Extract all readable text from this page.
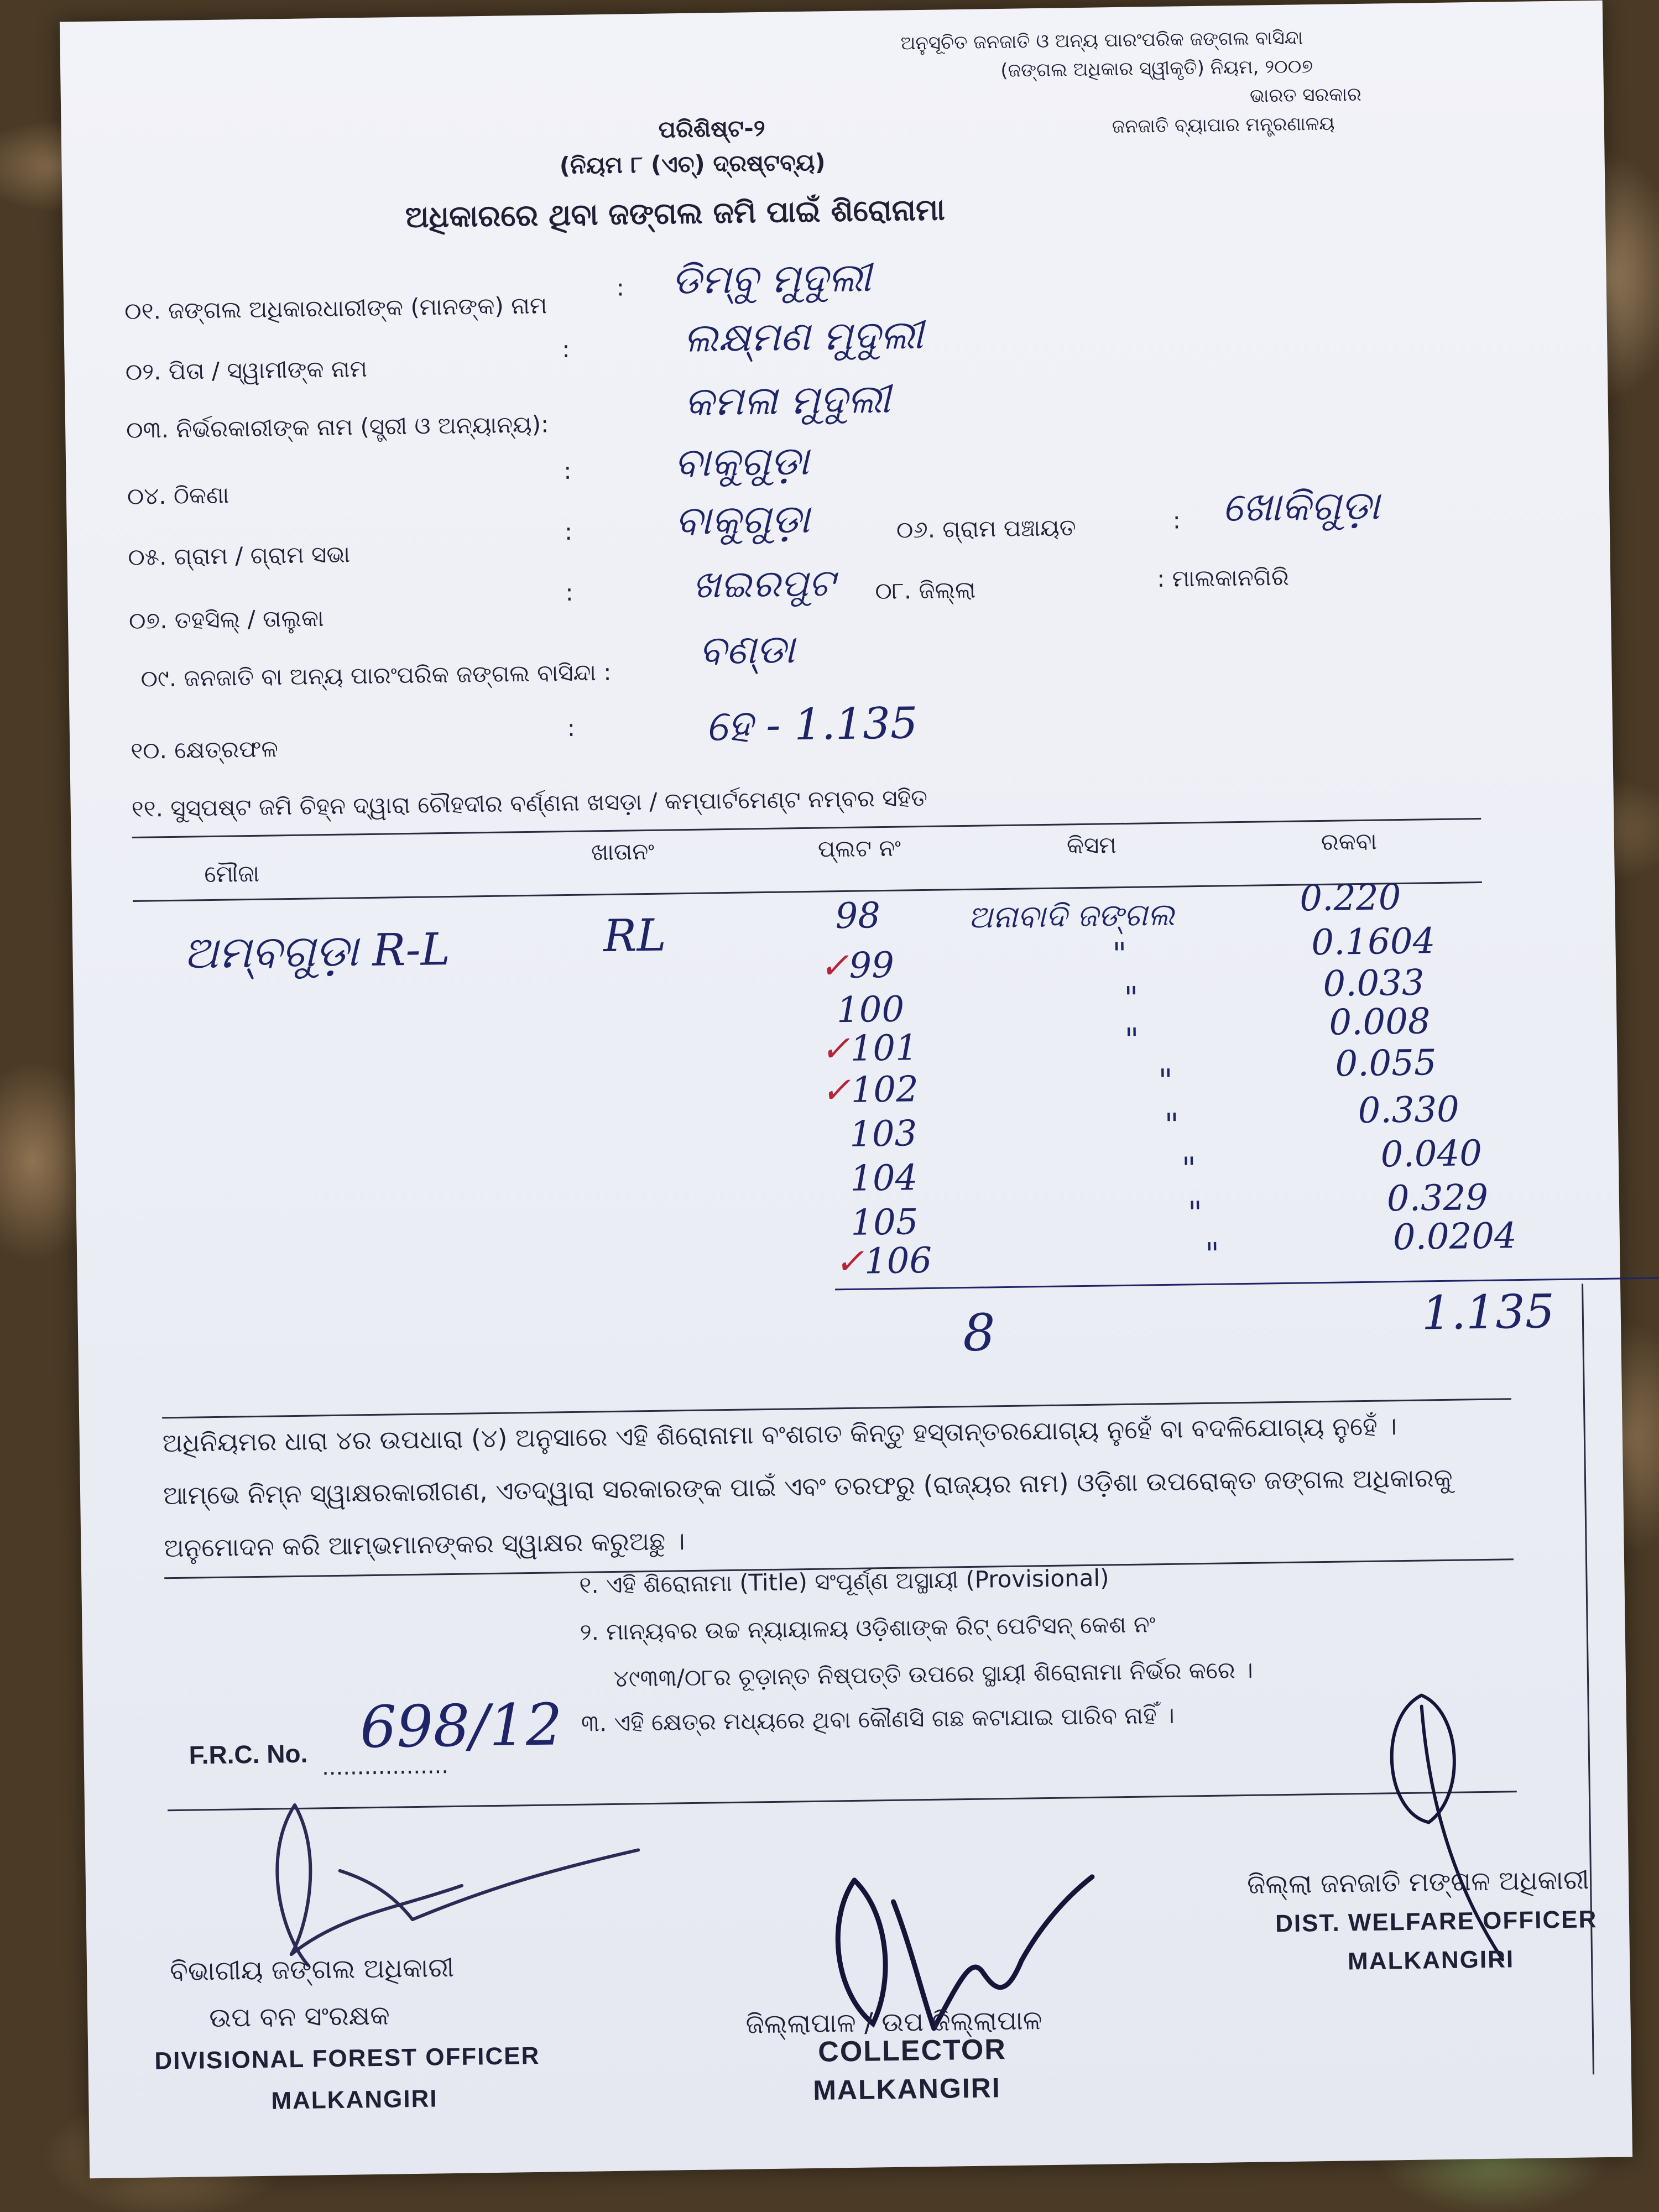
ଅନୁସୂଚିତ ଜନଜାତି ଓ ଅନ୍ୟ ପାରଂପରିକ ଜଙ୍ଗଲ ବାସିନ୍ଦା
(ଜଙ୍ଗଲ ଅଧିକାର ସ୍ୱୀକୃତି) ନିୟମ, ୨୦୦୭
ଭାରତ ସରକାର
ଜନଜାତି ବ୍ୟାପାର ମନ୍ତ୍ରଣାଳୟ
ପରିଶିଷ୍ଟ-୨
(ନିୟମ ୮ (ଏଚ୍) ଦ୍ରଷ୍ଟବ୍ୟ)
ଅଧିକାରରେ ଥିବା ଜଙ୍ଗଲ ଜମି ପାଇଁ ଶିରୋନାମା
୦୧. ଜଙ୍ଗଲ ଅଧିକାରଧାରୀଙ୍କ (ମାନଙ୍କ) ନାମ
: ଡିମ୍ବୁ ମୁଦୁଲୀ
୦୨. ପିତା / ସ୍ୱାମୀଙ୍କ ନାମ
:	ଲକ୍ଷ୍ମଣ ମୁଦୁଲୀ
୦୩. ନିର୍ଭରକାରୀଙ୍କ ନାମ (ସ୍ତ୍ରୀ ଓ ଅନ୍ୟାନ୍ୟ):
କମଳା ମୁଦୁଲୀ
୦୪. ଠିକଣା
:	ବାକୁଗୁଡ଼ା
୦୫. ଗ୍ରାମ / ଗ୍ରାମ ସଭା
:	ବାକୁଗୁଡ଼ା	୦୬. ଗ୍ରାମ ପଞ୍ଚାୟତ	: ଖୋକିଗୁଡ଼ା
୦୭. ତହସିଲ୍ / ତାଲୁକା
:	ଖଇରପୁଟ ୦୮. ଜିଲ୍ଲା	: ମାଲକାନଗିରି
୦୯. ଜନଜାତି ବା ଅନ୍ୟ ପାରଂପରିକ ଜଙ୍ଗଲ ବାସିନ୍ଦା :
ବଣ୍ଡା
୧୦. କ୍ଷେତ୍ରଫଳ
:	ହେ - 1.135
୧୧. ସୁସ୍ପଷ୍ଟ ଜମି ଚିହ୍ନ ଦ୍ୱାରା ଚୌହଦୀର ବର୍ଣ୍ଣନା ଖସଡ଼ା / କମ୍ପାର୍ଟମେଣ୍ଟ ନମ୍ବର ସହିତ
ମୌଜା
ଖାତାନଂ	ପ୍ଲଟ ନଂ	କିସମ	ରକବା
ଅମ୍ବଗୁଡ଼ା R-L	RL	98	ଅନାବାଦି ଜଙ୍ଗଲ	0.220
✓99	"	0.1604
100	"	0.033
✓101	"	0.008
✓102	"	0.055
103	"	0.330
104	"	0.040
105	"	0.329
✓106	"	0.0204
8	1.135
ଅଧିନିୟମର ଧାରା ୪ର ଉପଧାରା (୪) ଅନୁସାରେ ଏହି ଶିରୋନାମା ବଂଶଗତ କିନ୍ତୁ ହସ୍ତାନ୍ତରଯୋଗ୍ୟ ନୁହେଁ ବା ବଦଳିଯୋଗ୍ୟ ନୁହେଁ ।
ଆମ୍ଭେ ନିମ୍ନ ସ୍ୱାକ୍ଷରକାରୀଗଣ, ଏତଦ୍ୱାରା ସରକାରଙ୍କ ପାଇଁ ଏବଂ ତରଫରୁ (ରାଜ୍ୟର ନାମ) ଓଡ଼ିଶା ଉପରୋକ୍ତ ଜଙ୍ଗଲ ଅଧିକାରକୁ
ଅନୁମୋଦନ କରି ଆମ୍ଭମାନଙ୍କର ସ୍ୱାକ୍ଷର କରୁଅଛୁ ।
୧. ଏହି ଶିରୋନାମା (Title) ସଂପୂର୍ଣ୍ଣ ଅସ୍ଥାୟୀ (Provisional)
୨. ମାନ୍ୟବର ଉଚ୍ଚ ନ୍ୟାୟାଳୟ ଓଡ଼ିଶାଙ୍କ ରିଟ୍ ପେଟିସନ୍ କେଶ ନଂ
୪୯୩୩/୦୮ର ଚୂଡ଼ାନ୍ତ ନିଷ୍ପତ୍ତି ଉପରେ ସ୍ଥାୟୀ ଶିରୋନାମା ନିର୍ଭର କରେ ।
୩. ଏହି କ୍ଷେତ୍ର ମଧ୍ୟରେ ଥିବା କୌଣସି ଗଛ କଟାଯାଇ ପାରିବ ନାହିଁ ।
F.R.C. No. ..................
698/12
ବିଭାଗୀୟ ଜଙ୍ଗଲ ଅଧିକାରୀ
ଉପ ବନ ସଂରକ୍ଷକ
DIVISIONAL FOREST OFFICER
MALKANGIRI
ଜିଲ୍ଲାପାଳ / ଉପ ଜିଲ୍ଲାପାଳ
COLLECTOR
MALKANGIRI
ଜିଲ୍ଲା ଜନଜାତି ମଙ୍ଗଳ ଅଧିକାରୀ
DIST. WELFARE OFFICER
MALKANGIRI
